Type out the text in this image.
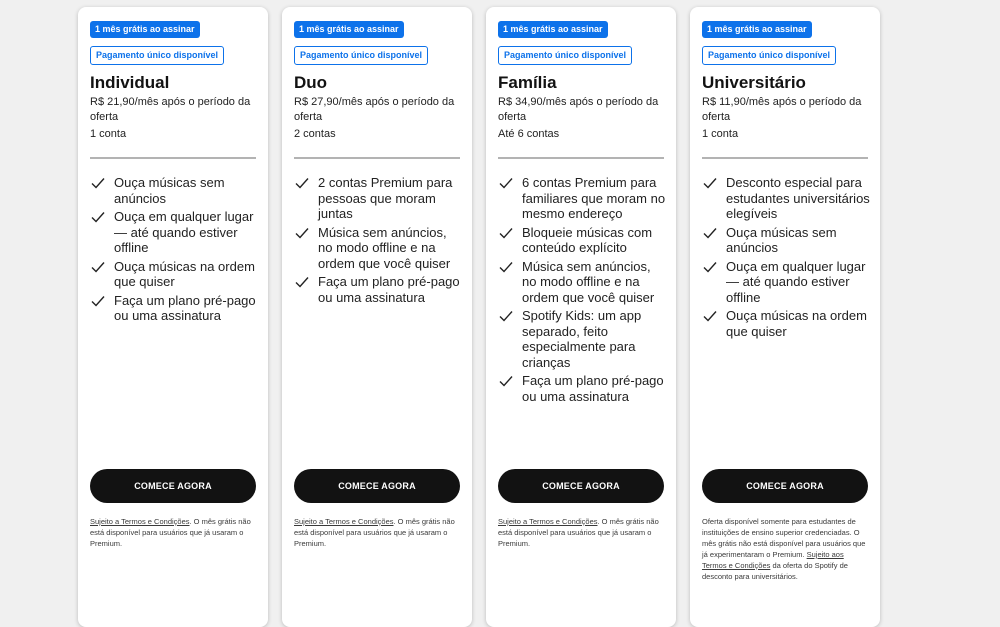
1 mês grátis ao assinar
Pagamento único disponível
Individual
R$ 21,90/mês após o período da oferta
1 conta
Ouça músicas sem anúncios
Ouça em qualquer lugar — até quando estiver offline
Ouça músicas na ordem que quiser
Faça um plano pré-pago ou uma assinatura
COMECE AGORA
Sujeito a Termos e Condições. O mês grátis não está disponível para usuários que já usaram o Premium.
1 mês grátis ao assinar
Pagamento único disponível
Duo
R$ 27,90/mês após o período da oferta
2 contas
2 contas Premium para pessoas que moram juntas
Música sem anúncios, no modo offline e na ordem que você quiser
Faça um plano pré-pago ou uma assinatura
COMECE AGORA
Sujeito a Termos e Condições. O mês grátis não está disponível para usuários que já usaram o Premium.
1 mês grátis ao assinar
Pagamento único disponível
Família
R$ 34,90/mês após o período da oferta
Até 6 contas
6 contas Premium para familiares que moram no mesmo endereço
Bloqueie músicas com conteúdo explícito
Música sem anúncios, no modo offline e na ordem que você quiser
Spotify Kids: um app separado, feito especialmente para crianças
Faça um plano pré-pago ou uma assinatura
COMECE AGORA
Sujeito a Termos e Condições. O mês grátis não está disponível para usuários que já usaram o Premium.
1 mês grátis ao assinar
Pagamento único disponível
Universitário
R$ 11,90/mês após o período da oferta
1 conta
Desconto especial para estudantes universitários elegíveis
Ouça músicas sem anúncios
Ouça em qualquer lugar — até quando estiver offline
Ouça músicas na ordem que quiser
COMECE AGORA
Oferta disponível somente para estudantes de instituições de ensino superior credenciadas. O mês grátis não está disponível para usuários que já experimentaram o Premium. Sujeito aos Termos e Condições da oferta do Spotify de desconto para universitários.
